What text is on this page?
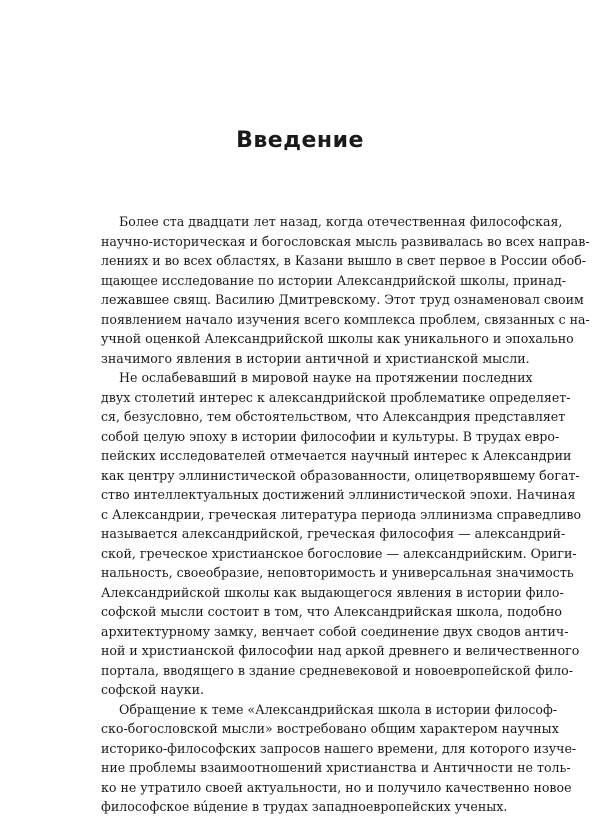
Введение
Более ста двадцати лет назад, когда отечественная философская,
научно-историческая и богословская мысль развивалась во всех направ-
лениях и во всех областях, в Казани вышло в свет первое в России обоб-
щающее исследование по истории Александрийской школы, принад-
лежавшее свящ. Василию Дмитревскому. Этот труд ознаменовал своим
появлением начало изучения всего комплекса проблем, связанных с на-
учной оценкой Александрийской школы как уникального и эпохально
значимого явления в истории античной и христианской мысли.
Не ослабевавший в мировой науке на протяжении последних
двух столетий интерес к александрийской проблематике определяет-
ся, безусловно, тем обстоятельством, что Александрия представляет
собой целую эпоху в истории философии и культуры. В трудах евро-
пейских исследователей отмечается научный интерес к Александрии
как центру эллинистической образованности, олицетворявшему богат-
ство интеллектуальных достижений эллинистической эпохи. Начиная
с Александрии, греческая литература периода эллинизма справедливо
называется александрийской, греческая философия — александрий-
ской, греческое христианское богословие — александрийским. Ориги-
нальность, своеобразие, неповторимость и универсальная значимость
Александрийской школы как выдающегося явления в истории фило-
софской мысли состоит в том, что Александрийская школа, подобно
архитектурному замку, венчает собой соединение двух сводов антич-
ной и христианской философии над аркой древнего и величественного
портала, вводящего в здание средневековой и новоевропейской фило-
софской науки.
Обращение к теме «Александрийская школа в истории философ-
ско-богословской мысли» востребовано общим характером научных
историко-философских запросов нашего времени, для которого изуче-
ние проблемы взаимоотношений христианства и Античности не толь-
ко не утратило своей актуальности, но и получило качественно новое
философское вúдение в трудах западноевропейских ученых.
